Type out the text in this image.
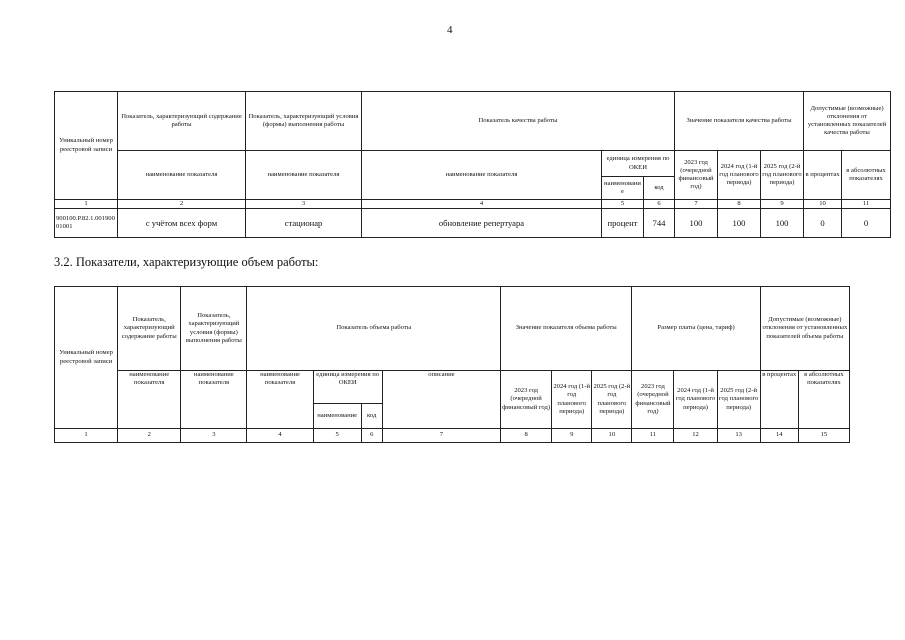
4
Уникальный номер реестровой записи	Показатель, характеризующий содержание работы	Показатель, характеризующий условия (формы) выполнения работы	Показатель качества работы			Значение показателя качества работы			Допустимые (возможные) отклонения от установленных показателей качества работы	
	наименование показателя	наименование показателя	наименование показателя	единица измерения по ОКЕИ		2023 год (очередной финансовый год)	2024 год (1-й год планового периода)	2025 год (2-й год планового периода)	в процентах	в абсолютных показателях
				наименование	код					
1	2	3	4	5	6	7	8	9	10	11
900100.Р.82.1.00190001001	с учётом всех форм	стационар	обновление репертуара	процент	744	100	100	100	0	0
3.2. Показатели, характеризующие объем работы:
Уникальный номер реестровой записи	Показатель, характеризующий содержание работы	Показатель, характеризующий условия (формы) выполнения работы	Показатель объема работы				Значение показателя объема работы			Размер платы (цена, тариф)			Допустимые (возможные) отклонения от установленных показателей объема работы	
	наименование показателя	наименование показателя	наименование показателя	единица измерения по ОКЕИ		описание	2023 год (очередной финансовый год)	2024 год (1-й год планового периода)	2025 год (2-й год планового периода)	2023 год (очередной финансовый год)	2024 год (1-й год планового периода)	2025 год (2-й год планового периода)	в процентах	в абсолютных показателях
				наименование	код									
1	2	3	4	5	6	7	8	9	10	11	12	13	14	15
